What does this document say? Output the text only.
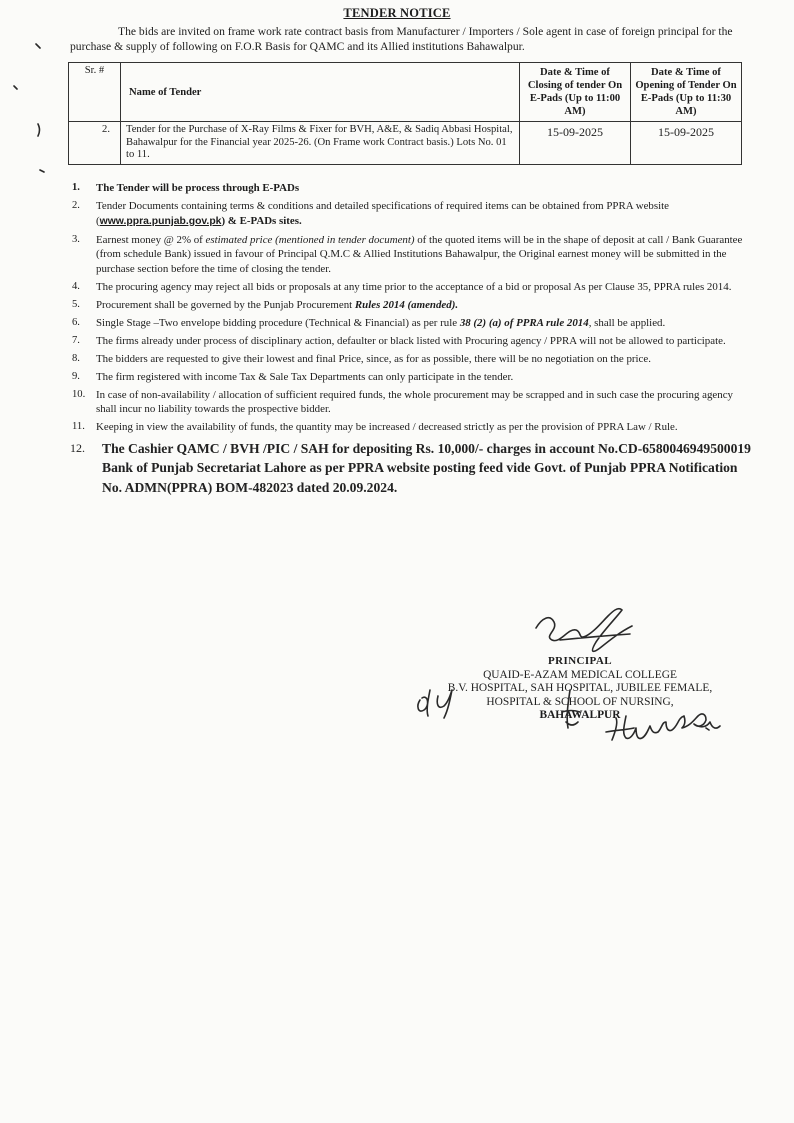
TENDER NOTICE
The bids are invited on frame work rate contract basis from Manufacturer / Importers / Sole agent in case of foreign principal for the purchase & supply of following on F.O.R Basis for QAMC and its Allied institutions Bahawalpur.
Sr. #	Name of Tender	Date & Time of Closing of tender On E-Pads (Up to 11:00 AM)	Date & Time of Opening of Tender On E-Pads (Up to 11:30 AM)
2.	Tender for the Purchase of X-Ray Films & Fixer for BVH, A&E, & Sadiq Abbasi Hospital, Bahawalpur for the Financial year 2025-26. (On Frame work Contract basis.) Lots No. 01 to 11.	15-09-2025	15-09-2025
1.	The Tender will be process through E-PADs
2.	Tender Documents containing terms & conditions and detailed specifications of required items can be obtained from PPRA website (www.ppra.punjab.gov.pk) & E-PADs sites.
3.	Earnest money @ 2% of estimated price (mentioned in tender document) of the quoted items will be in the shape of deposit at call / Bank Guarantee (from schedule Bank) issued in favour of Principal Q.M.C & Allied Institutions Bahawalpur, the Original earnest money will be submitted in the purchase section before the time of closing the tender.
4.	The procuring agency may reject all bids or proposals at any time prior to the acceptance of a bid or proposal As per Clause 35, PPRA rules 2014.
5.	Procurement shall be governed by the Punjab Procurement Rules 2014 (amended).
6.	Single Stage –Two envelope bidding procedure (Technical & Financial) as per rule 38 (2) (a) of PPRA rule 2014, shall be applied.
7.	The firms already under process of disciplinary action, defaulter or black listed with Procuring agency / PPRA will not be allowed to participate.
8.	The bidders are requested to give their lowest and final Price, since, as for as possible, there will be no negotiation on the price.
9.	The firm registered with income Tax & Sale Tax Departments can only participate in the tender.
10. In case of non-availability / allocation of sufficient required funds, the whole procurement may be scrapped and in such case the procuring agency shall incur no liability towards the prospective bidder.
11.	Keeping in view the availability of funds, the quantity may be increased / decreased strictly as per the provision of PPRA Law / Rule.
12. The Cashier QAMC / BVH /PIC / SAH for depositing Rs. 10,000/- charges in account No.CD-6580046949500019 Bank of Punjab Secretariat Lahore as per PPRA website posting feed vide Govt. of Punjab PPRA Notification No. ADMN(PPRA) BOM-482023 dated 20.09.2024.
PRINCIPAL
QUAID-E-AZAM MEDICAL COLLEGE
B.V. HOSPITAL, SAH HOSPITAL, JUBILEE FEMALE,
HOSPITAL & SCHOOL OF NURSING,
BAHAWALPUR
